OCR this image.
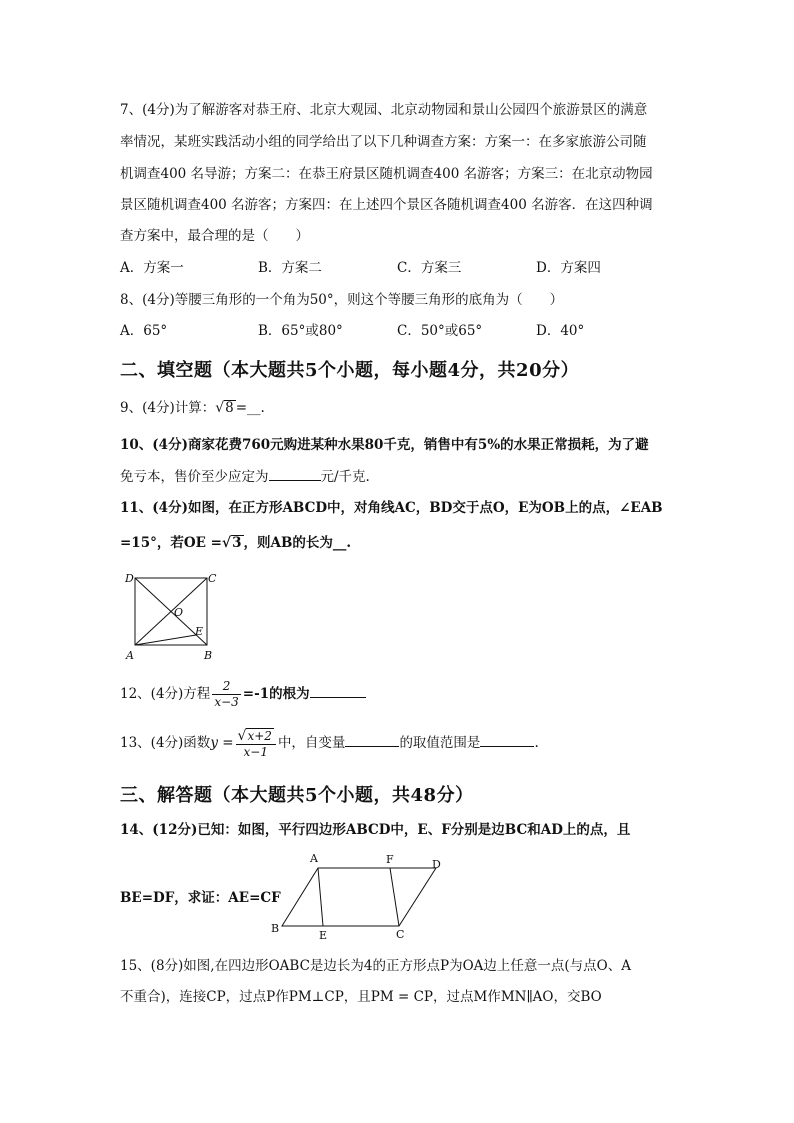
7、(4分)为了解游客对恭王府、北京大观园、北京动物园和景山公园四个旅游景区的满意
率情况，某班实践活动小组的同学给出了以下几种调查方案：方案一：在多家旅游公司随
机调查400 名导游；方案二：在恭王府景区随机调查400 名游客；方案三：在北京动物园
景区随机调查400 名游客；方案四：在上述四个景区各随机调查400 名游客．在这四种调
查方案中，最合理的是（　　）
A．方案一	B．方案二	C．方案三	D．方案四
8、(4分)等腰三角形的一个角为50°，则这个等腰三角形的底角为（　　）
A．65°	B．65°或80°	C．50°或65°	D．40°
二、填空题（本大题共5个小题，每小题4分，共20分）
9、(4分)计算：√8 =__.
10、(4分)商家花费760元购进某种水果80千克，销售中有5%的水果正常损耗，为了避
免亏本，售价至少应定为	元/千克.
11、(4分)如图，在正方形ABCD中，对角线AC，BD交于点O，E为OB上的点，∠EAB
=15°，若OE =√3 ，则AB的长为__.
D	C
O
E
A	B
12、(4分)方程 $\frac{2}{x-3} =-1$的根为
13、(4分)函数$y = \frac{√x+2}{x-1}$ 中，自变量	的取值范围是	.
三、解答题（本大题共5个小题，共48分）
14、(12分)已知：如图，平行四边形ABCD中，E、F分别是边BC和AD上的点，且
BE=DF，求证：AE=CF
A	F	D
B
E	C
15、(8分)如图,在四边形OABC是边长为4的正方形点P为OA边上任意一点(与点O、A
不重合)，连接CP，过点P作PM⊥CP，且PM = CP，过点M作MN∥AO，交BO
